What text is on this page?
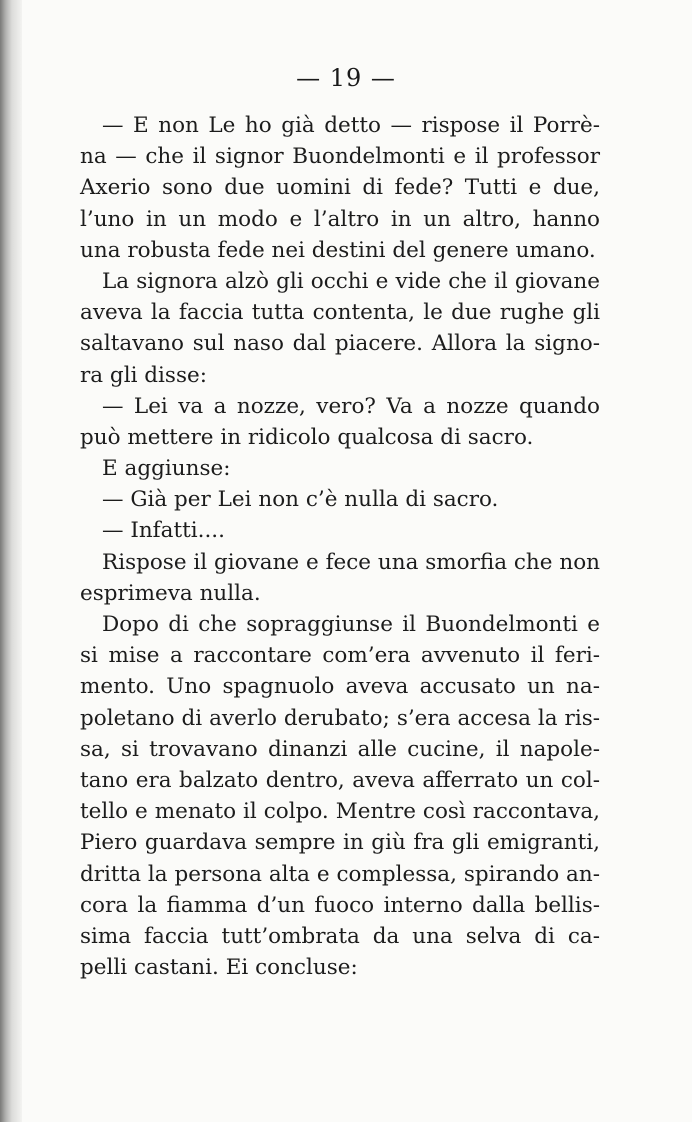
— 19 —
— E non Le ho già detto — rispose il Porrè-
na — che il signor Buondelmonti e il professor
Axerio sono due uomini di fede? Tutti e due,
l’uno in un modo e l’altro in un altro, hanno
una robusta fede nei destini del genere umano.
La signora alzò gli occhi e vide che il giovane
aveva la faccia tutta contenta, le due rughe gli
saltavano sul naso dal piacere. Allora la signo-
ra gli disse:
— Lei va a nozze, vero? Va a nozze quando
può mettere in ridicolo qualcosa di sacro.
E aggiunse:
— Già per Lei non c’è nulla di sacro.
— Infatti....
Rispose il giovane e fece una smorfia che non
esprimeva nulla.
Dopo di che sopraggiunse il Buondelmonti e
si mise a raccontare com’era avvenuto il feri-
mento. Uno spagnuolo aveva accusato un na-
poletano di averlo derubato; s’era accesa la ris-
sa, si trovavano dinanzi alle cucine, il napole-
tano era balzato dentro, aveva afferrato un col-
tello e menato il colpo. Mentre così raccontava,
Piero guardava sempre in giù fra gli emigranti,
dritta la persona alta e complessa, spirando an-
cora la fiamma d’un fuoco interno dalla bellis-
sima faccia tutt’ombrata da una selva di ca-
pelli castani. Ei concluse:
